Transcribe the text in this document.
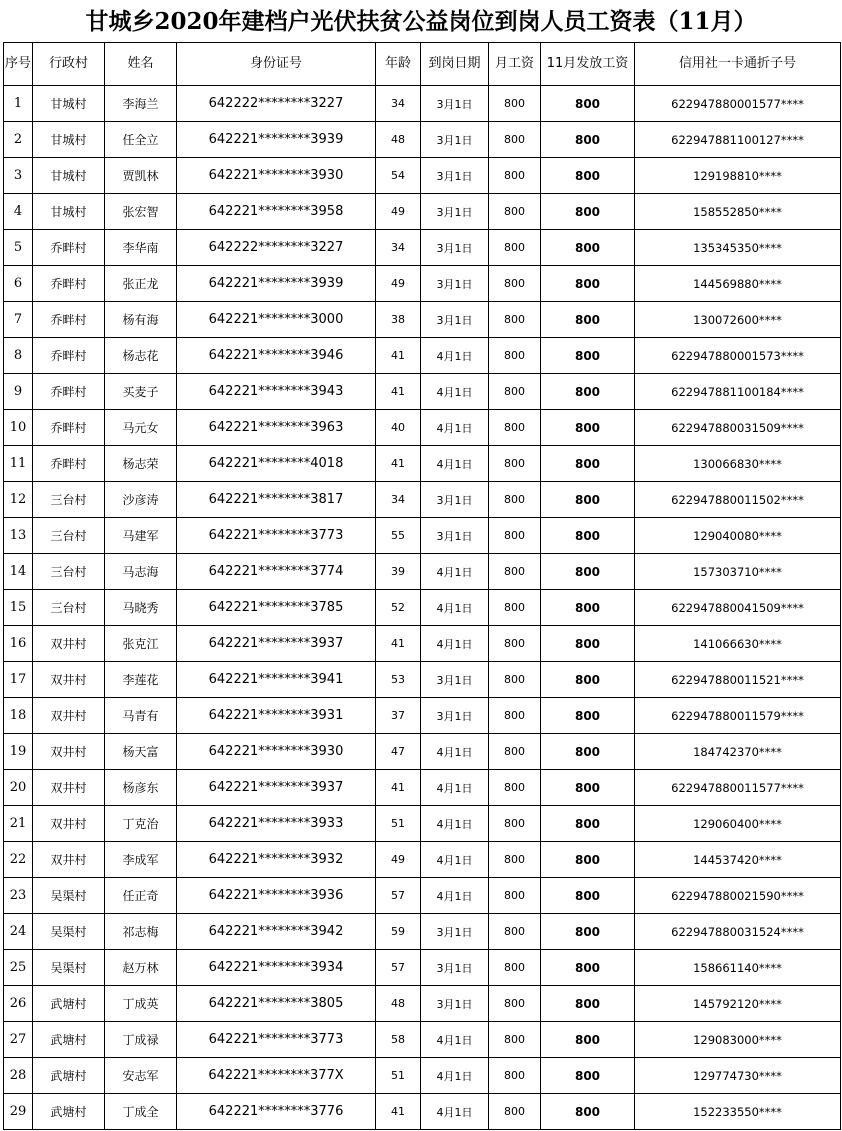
甘城乡2020年建档户光伏扶贫公益岗位到岗人员工资表（11月）
序号	行政村	姓名	身份证号	年龄	到岗日期	月工资	11月发放工资	信用社一卡通折子号
1	甘城村	李海兰	642222********3227	34	3月1日	800	800	622947880001577****
2	甘城村	任全立	642221********3939	48	3月1日	800	800	622947881100127****
3	甘城村	贾凯林	642221********3930	54	3月1日	800	800	129198810****
4	甘城村	张宏智	642221********3958	49	3月1日	800	800	158552850****
5	乔畔村	李华南	642222********3227	34	3月1日	800	800	135345350****
6	乔畔村	张正龙	642221********3939	49	3月1日	800	800	144569880****
7	乔畔村	杨有海	642221********3000	38	3月1日	800	800	130072600****
8	乔畔村	杨志花	642221********3946	41	4月1日	800	800	622947880001573****
9	乔畔村	买麦子	642221********3943	41	4月1日	800	800	622947881100184****
10	乔畔村	马元女	642221********3963	40	4月1日	800	800	622947880031509****
11	乔畔村	杨志荣	642221********4018	41	4月1日	800	800	130066830****
12	三台村	沙彦涛	642221********3817	34	3月1日	800	800	622947880011502****
13	三台村	马建军	642221********3773	55	3月1日	800	800	129040080****
14	三台村	马志海	642221********3774	39	4月1日	800	800	157303710****
15	三台村	马晓秀	642221********3785	52	4月1日	800	800	622947880041509****
16	双井村	张克江	642221********3937	41	4月1日	800	800	141066630****
17	双井村	李莲花	642221********3941	53	3月1日	800	800	622947880011521****
18	双井村	马青有	642221********3931	37	3月1日	800	800	622947880011579****
19	双井村	杨天富	642221********3930	47	4月1日	800	800	184742370****
20	双井村	杨彦东	642221********3937	41	4月1日	800	800	622947880011577****
21	双井村	丁克治	642221********3933	51	4月1日	800	800	129060400****
22	双井村	李成军	642221********3932	49	4月1日	800	800	144537420****
23	吴渠村	任正奇	642221********3936	57	4月1日	800	800	622947880021590****
24	吴渠村	祁志梅	642221********3942	59	3月1日	800	800	622947880031524****
25	吴渠村	赵万林	642221********3934	57	3月1日	800	800	158661140****
26	武塘村	丁成英	642221********3805	48	3月1日	800	800	145792120****
27	武塘村	丁成禄	642221********3773	58	4月1日	800	800	129083000****
28	武塘村	安志军	642221********377X	51	4月1日	800	800	129774730****
29	武塘村	丁成全	642221********3776	41	4月1日	800	800	152233550****
